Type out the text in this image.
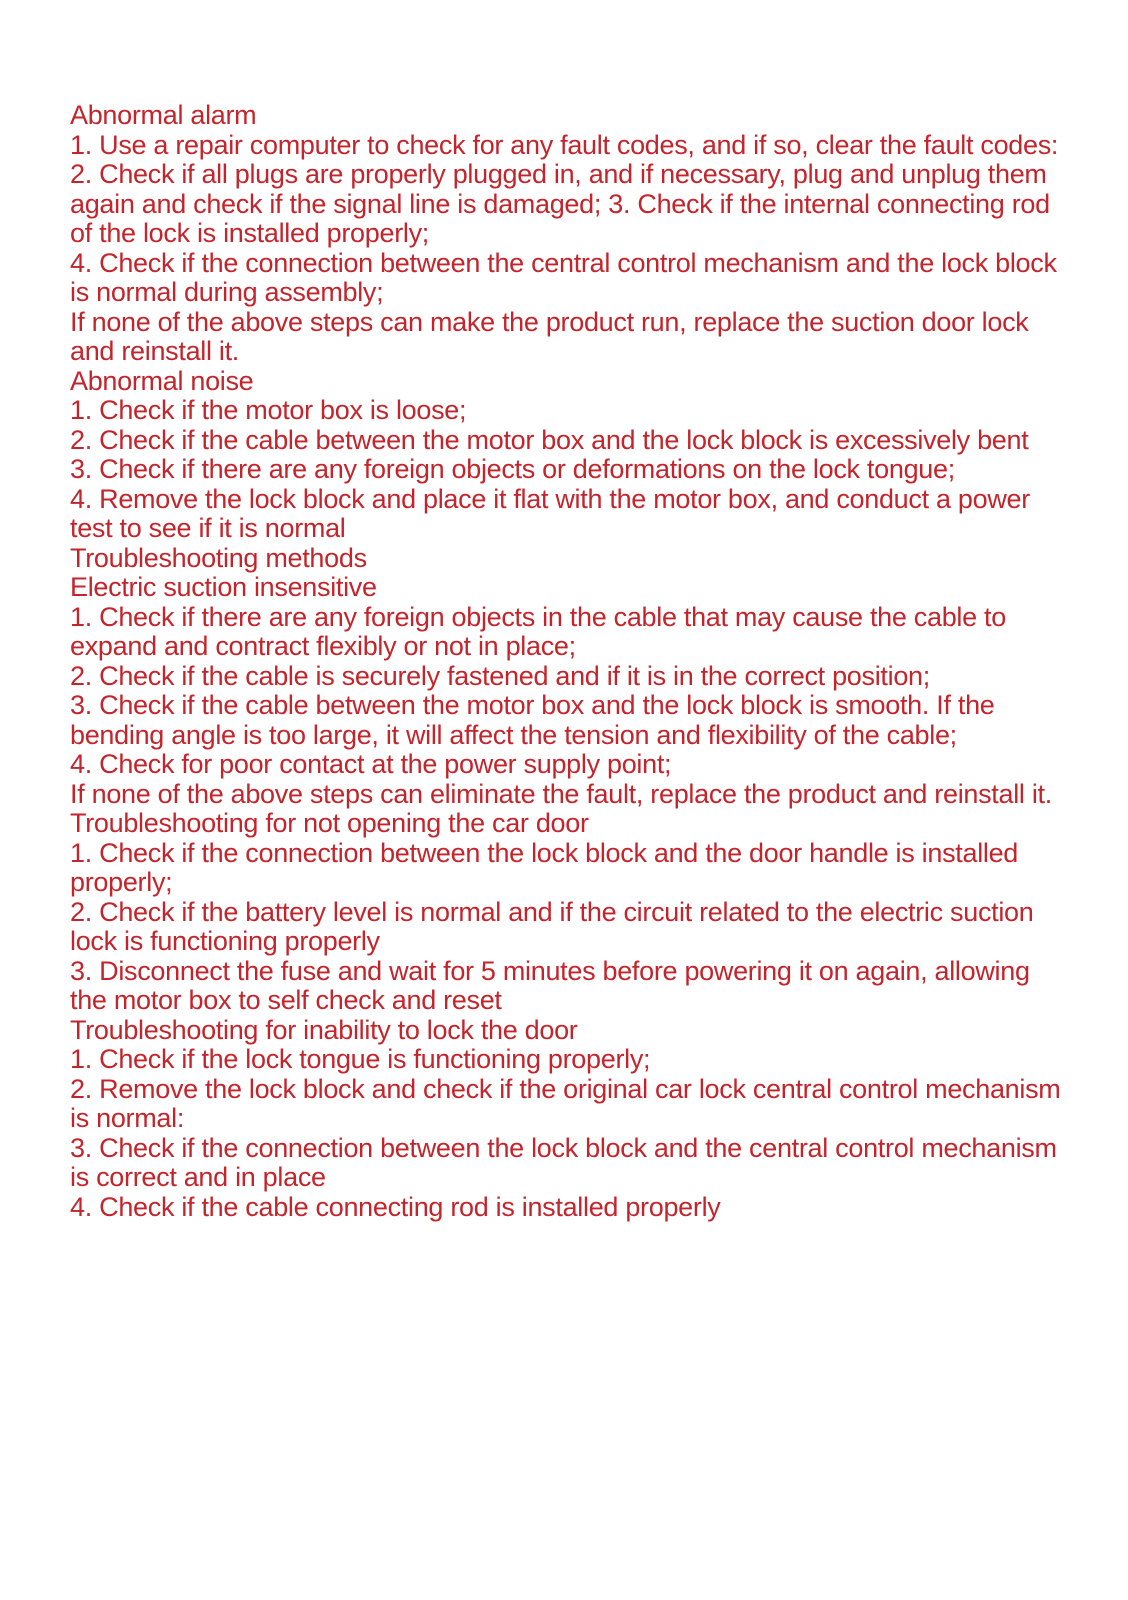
Abnormal alarm

1. Use a repair computer to check for any fault codes, and if so, clear the fault codes:

2. Check if all plugs are properly plugged in, and if necessary, plug and unplug them again and check if the signal line is damaged; 3. Check if the internal connecting rod of the lock is installed properly;

4. Check if the connection between the central control mechanism and the lock block is normal during assembly;

If none of the above steps can make the product run, replace the suction door lock and reinstall it.

Abnormal noise

1. Check if the motor box is loose;

2. Check if the cable between the motor box and the lock block is excessively bent

3. Check if there are any foreign objects or deformations on the lock tongue;

4. Remove the lock block and place it flat with the motor box, and conduct a power test to see if it is normal

Troubleshooting methods

Electric suction insensitive

1. Check if there are any foreign objects in the cable that may cause the cable to expand and contract flexibly or not in place;

2. Check if the cable is securely fastened and if it is in the correct position;

3. Check if the cable between the motor box and the lock block is smooth. If the bending angle is too large, it will affect the tension and flexibility of the cable;

4. Check for poor contact at the power supply point;

If none of the above steps can eliminate the fault, replace the product and reinstall it.

Troubleshooting for not opening the car door

1. Check if the connection between the lock block and the door handle is installed properly;

2. Check if the battery level is normal and if the circuit related to the electric suction lock is functioning properly

3. Disconnect the fuse and wait for 5 minutes before powering it on again, allowing the motor box to self check and reset

Troubleshooting for inability to lock the door

1. Check if the lock tongue is functioning properly;

2. Remove the lock block and check if the original car lock central control mechanism is normal:

3. Check if the connection between the lock block and the central control mechanism is correct and in place

4. Check if the cable connecting rod is installed properly
